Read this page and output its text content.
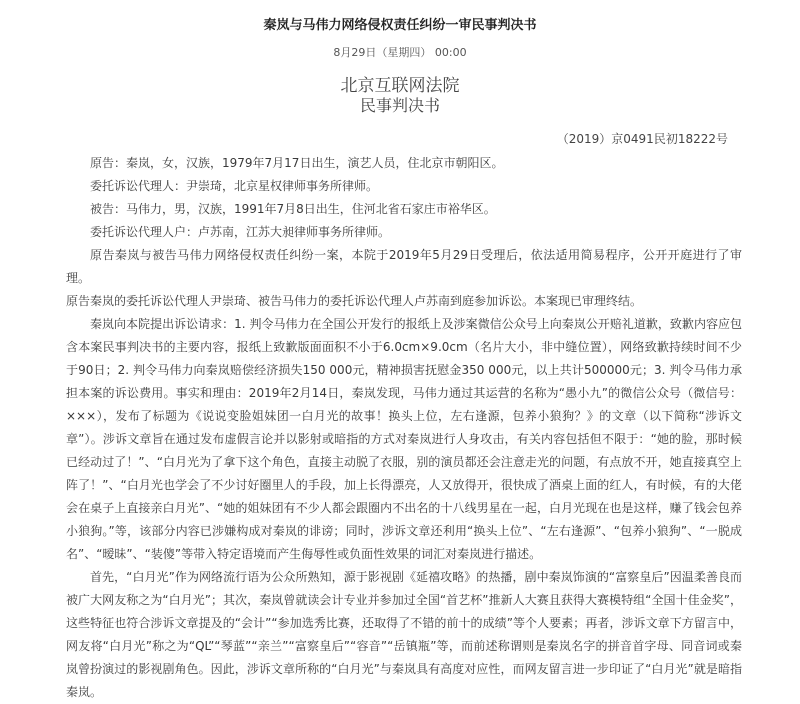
秦岚与马伟力网络侵权责任纠纷一审民事判决书
8月29日（星期四） 00:00
北京互联网法院
民事判决书
（2019）京0491民初18222号

原告：秦岚，女，汉族，1979年7月17日出生，演艺人员，住北京市朝阳区。

委托诉讼代理人：尹崇琦，北京星权律师事务所律师。

被告：马伟力，男，汉族，1991年7月8日出生，住河北省石家庄市裕华区。

委托诉讼代理人户：卢苏南，江苏大昶律师事务所律师。

原告秦岚与被告马伟力网络侵权责任纠纷一案，本院于2019年5月29日受理后，依法适用简易程序，公开开庭进行了审理。

原告秦岚的委托诉讼代理人尹崇琦、被告马伟力的委托诉讼代理人卢苏南到庭参加诉讼。本案现已审理终结。

秦岚向本院提出诉讼请求：1. 判令马伟力在全国公开发行的报纸上及涉案微信公众号上向秦岚公开赔礼道歉，致歉内容应包含本案民事判决书的主要内容，报纸上致歉版面面积不小于6.0cm×9.0cm（名片大小，非中缝位置），网络致歉持续时间不少于90日；2. 判令马伟力向秦岚赔偿经济损失150 000元，精神损害抚慰金350 000元，以上共计500000元；3. 判令马伟力承担本案的诉讼费用。事实和理由：2019年2月14日，秦岚发现，马伟力通过其运营的名称为“愚小九”的微信公众号（微信号：×××），发布了标题为《说说变脸姐妹团一白月光的故事！换头上位，左右逢源，包养小狼狗？》的文章（以下简称“涉诉文章”）。涉诉文章旨在通过发布虚假言论并以影射或暗指的方式对秦岚进行人身攻击，有关内容包括但不限于：“她的脸，那时候已经动过了！”、“白月光为了拿下这个角色，直接主动脱了衣服，别的演员都还会注意走光的问题，有点放不开，她直接真空上阵了！”、“白月光也学会了不少讨好圈里人的手段，加上长得漂亮，人又放得开，很快成了酒桌上面的红人，有时候，有的大佬会在桌子上直接亲白月光”、“她的姐妹团有不少人都会跟圈内不出名的十八线男星在一起，白月光现在也是这样，赚了钱会包养小狼狗。”等，该部分内容已涉嫌构成对秦岚的诽谤；同时，涉诉文章还利用“换头上位”、“左右逢源”、“包养小狼狗”、“一脱成名”、“暧昧”、“装傻”等带入特定语境而产生侮辱性或负面性效果的词汇对秦岚进行描述。

首先，“白月光”作为网络流行语为公众所熟知，源于影视剧《延禧攻略》的热播，剧中秦岚饰演的“富察皇后”因温柔善良而被广大网友称之为“白月光”；其次，秦岚曾就读会计专业并参加过全国“首艺杯”推新人大赛且获得大赛模特组“全国十佳金奖”，这些特征也符合涉诉文章提及的“会计”“参加选秀比赛，还取得了不错的前十的成绩”等个人要素；再者，涉诉文章下方留言中，网友将“白月光”称之为“QL”“琴蓝”“亲兰”“富察皇后”“容音”“岳镇瓶”等，而前述称谓则是秦岚名字的拼音首字母、同音词或秦岚曾扮演过的影视剧角色。因此，涉诉文章所称的“白月光”与秦岚具有高度对应性，而网友留言进一步印证了“白月光”就是暗指秦岚。
